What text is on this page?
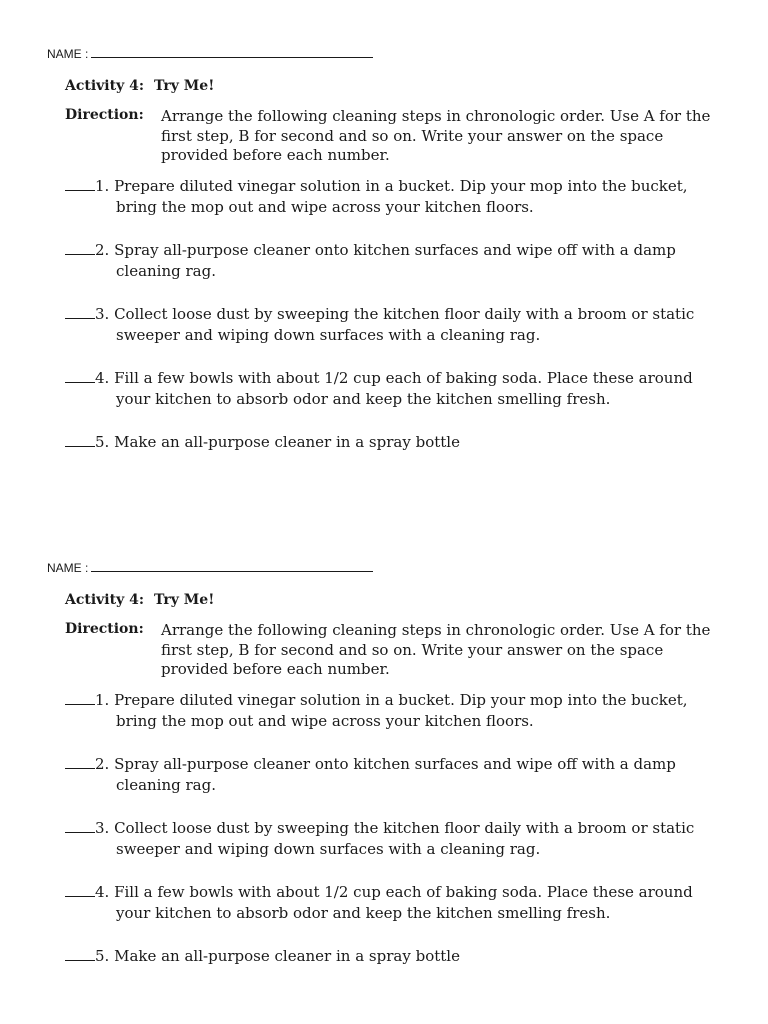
NAME :
Activity 4: Try Me!
Direction: Arrange the following cleaning steps in chronologic order. Use A for the
first step, B for second and so on. Write your answer on the space
provided before each number.
1. Prepare diluted vinegar solution in a bucket. Dip your mop into the bucket,
bring the mop out and wipe across your kitchen floors.
2. Spray all-purpose cleaner onto kitchen surfaces and wipe off with a damp
cleaning rag.
3. Collect loose dust by sweeping the kitchen floor daily with a broom or static
sweeper and wiping down surfaces with a cleaning rag.
4. Fill a few bowls with about 1/2 cup each of baking soda. Place these around
your kitchen to absorb odor and keep the kitchen smelling fresh.
5. Make an all-purpose cleaner in a spray bottle
NAME :
Activity 4: Try Me!
Direction: Arrange the following cleaning steps in chronologic order. Use A for the
first step, B for second and so on. Write your answer on the space
provided before each number.
1. Prepare diluted vinegar solution in a bucket. Dip your mop into the bucket,
bring the mop out and wipe across your kitchen floors.
2. Spray all-purpose cleaner onto kitchen surfaces and wipe off with a damp
cleaning rag.
3. Collect loose dust by sweeping the kitchen floor daily with a broom or static
sweeper and wiping down surfaces with a cleaning rag.
4. Fill a few bowls with about 1/2 cup each of baking soda. Place these around
your kitchen to absorb odor and keep the kitchen smelling fresh.
5. Make an all-purpose cleaner in a spray bottle
